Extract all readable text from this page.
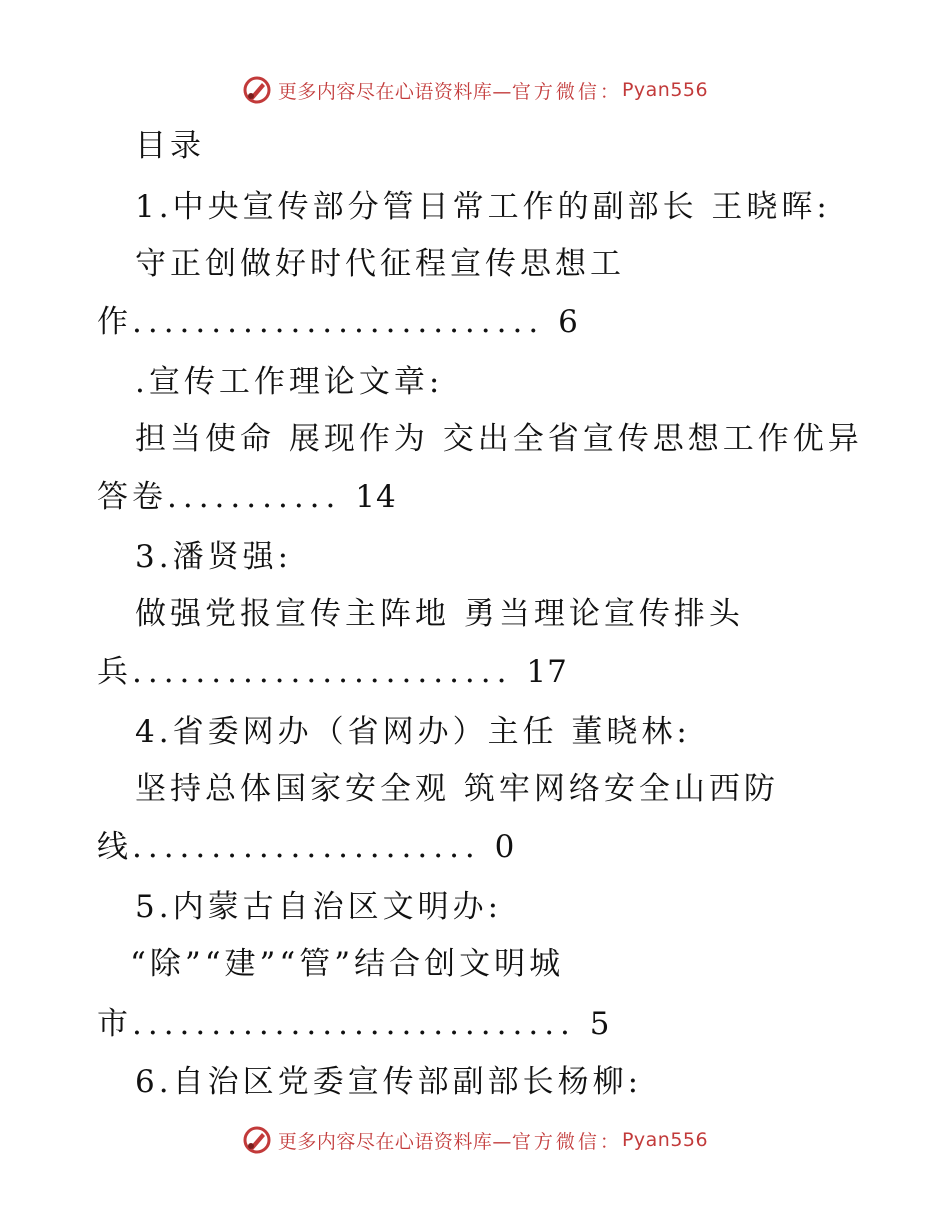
更多内容尽在心语资料库— 官方微信： Pyan556
目录
1.中央宣传部分管日常工作的副部长 王晓晖:
守正创做好时代征程宣传思想工
作.......................... 6
.宣传工作理论文章:
担当使命 展现作为 交出全省宣传思想工作优异
答卷........... 14
3.潘贤强:
做强党报宣传主阵地 勇当理论宣传排头
兵........................ 17
4.省委网办（省网办）主任 董晓林:
坚持总体国家安全观 筑牢网络安全山西防
线...................... 0
5.内蒙古自治区文明办:
“除”“建”“管”结合创文明城
市............................ 5
6.自治区党委宣传部副部长杨柳:
更多内容尽在心语资料库— 官方微信： Pyan556
